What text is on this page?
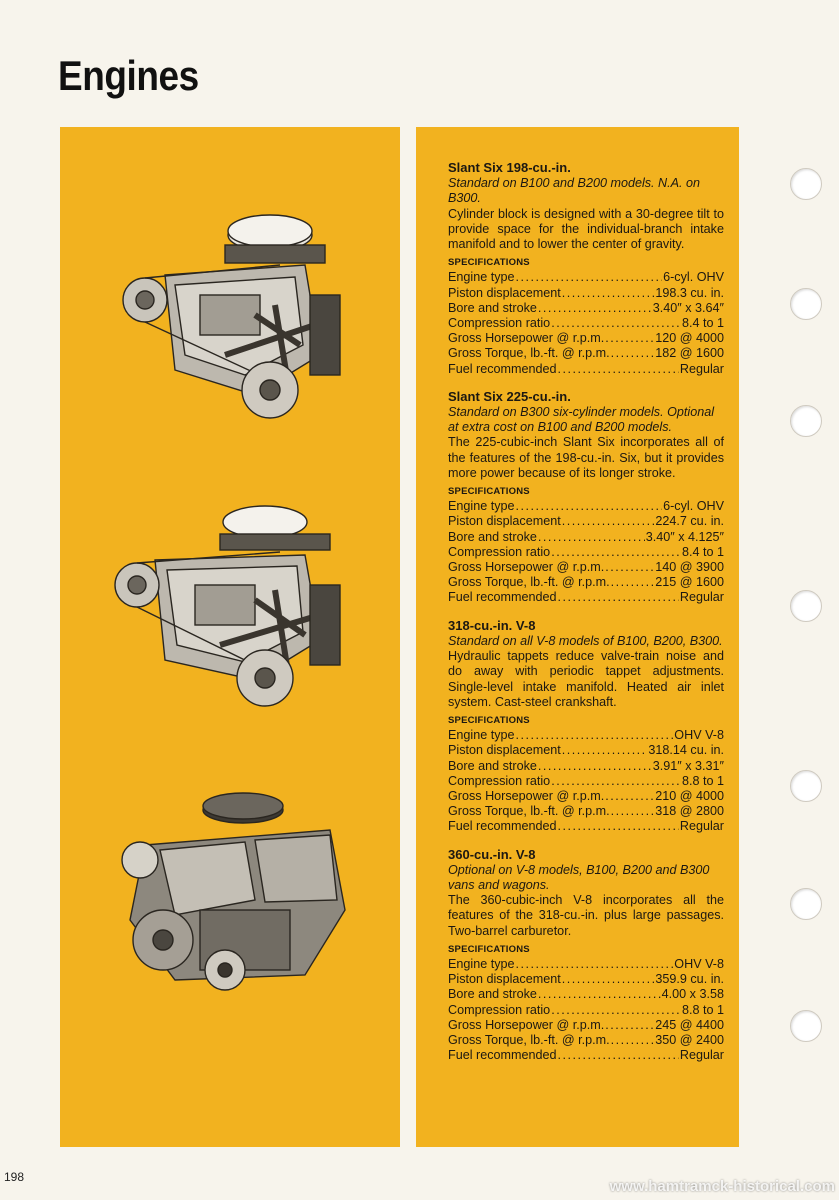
Engines
Slant Six 198-cu.-in.

Standard on B100 and B200 models. N.A. on B300.

Cylinder block is designed with a 30-degree tilt to provide space for the individual-branch intake manifold and to lower the center of gravity.

SPECIFICATIONS
Engine type . . .	6-cyl. OHV
Piston displacement . . .	198.3 cu. in.
Bore and stroke . . .	3.40″ x 3.64″
Compression ratio . . .	8.4 to 1
Gross Horsepower @ r.p.m. . . .	120 @ 4000
Gross Torque, lb.-ft. @ r.p.m. . . .	182 @ 1600
Fuel recommended . . .	Regular
Slant Six 225-cu.-in.

Standard on B300 six-cylinder models. Optional at extra cost on B100 and B200 models.

The 225-cubic-inch Slant Six incorporates all of the features of the 198-cu.-in. Six, but it provides more power because of its longer stroke.

SPECIFICATIONS
Engine type . . .	6-cyl. OHV
Piston displacement . . .	224.7 cu. in.
Bore and stroke . . .	3.40″ x 4.125″
Compression ratio . . .	8.4 to 1
Gross Horsepower @ r.p.m. . . .	140 @ 3900
Gross Torque, lb.-ft. @ r.p.m. . . .	215 @ 1600
Fuel recommended . . .	Regular
318-cu.-in. V-8

Standard on all V-8 models of B100, B200, B300.

Hydraulic tappets reduce valve-train noise and do away with periodic tappet adjustments. Single-level intake manifold. Heated air inlet system. Cast-steel crankshaft.

SPECIFICATIONS
Engine type . . .	OHV V-8
Piston displacement . . .	318.14 cu. in.
Bore and stroke . . .	3.91″ x 3.31″
Compression ratio . . .	8.8 to 1
Gross Horsepower @ r.p.m. . . .	210 @ 4000
Gross Torque, lb.-ft. @ r.p.m. . . .	318 @ 2800
Fuel recommended . . .	Regular
360-cu.-in. V-8

Optional on V-8 models, B100, B200 and B300 vans and wagons.

The 360-cubic-inch V-8 incorporates all the features of the 318-cu.-in. plus large passages. Two-barrel carburetor.

SPECIFICATIONS
Engine type . . .	OHV V-8
Piston displacement . . .	359.9 cu. in.
Bore and stroke . . .	4.00 x 3.58
Compression ratio . . .	8.8 to 1
Gross Horsepower @ r.p.m. . . .	245 @ 4400
Gross Torque, lb.-ft. @ r.p.m. . . .	350 @ 2400
Fuel recommended . . .	Regular
198
www.hamtramck-historical.com
